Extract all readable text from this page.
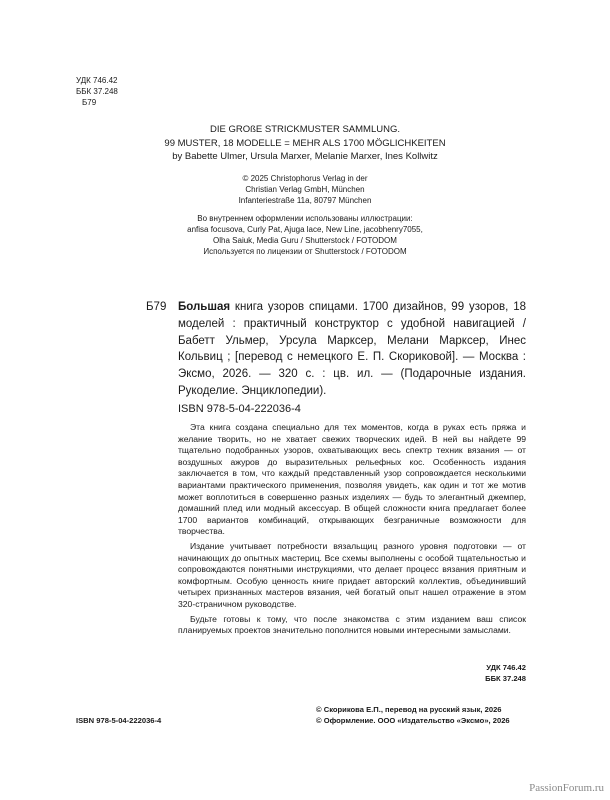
УДК 746.42
ББК 37.248
Б79
DIE GROßE STRICKMUSTER SAMMLUNG.
99 MUSTER, 18 MODELLE = MEHR ALS 1700 MÖGLICHKEITEN
by Babette Ulmer, Ursula Marxer, Melanie Marxer, Ines Kollwitz
© 2025 Christophorus Verlag in der
Christian Verlag GmbH, München
Infanteriestraße 11a, 80797 München
Во внутреннем оформлении использованы иллюстрации:
anfisa focusova, Curly Pat, Ajuga lace, New Line, jacobhenry7055,
Olha Saiuk, Media Guru / Shutterstock / FOTODOM
Используется по лицензии от Shutterstock / FOTODOM
Б79 Большая книга узоров спицами. 1700 дизайнов, 99 узоров, 18 моделей : практичный конструктор с удобной навигацией / Бабетт Ульмер, Урсула Марксер, Мелани Марксер, Инес Кольвиц ; [перевод с немецкого Е. П. Скориковой]. — Москва : Эксмо, 2026. — 320 с. : цв. ил. — (Подарочные издания. Рукоделие. Энциклопедии).
ISBN 978-5-04-222036-4

Эта книга создана специально для тех моментов, когда в руках есть пряжа и желание творить, но не хватает свежих творческих идей. В ней вы найдете 99 тщательно подобранных узоров, охватывающих весь спектр техник вязания — от воздушных ажуров до выразительных рельефных кос. Особенность издания заключается в том, что каждый представленный узор сопровождается несколькими вариантами практического применения, позволяя увидеть, как один и тот же мотив может воплотиться в совершенно разных изделиях — будь то элегантный джемпер, домашний плед или модный аксессуар. В общей сложности книга предлагает более 1700 вариантов комбинаций, открывающих безграничные возможности для творчества.

Издание учитывает потребности вязальщиц разного уровня подготовки — от начинающих до опытных мастериц. Все схемы выполнены с особой тщательностью и сопровождаются понятными инструкциями, что делает процесс вязания приятным и комфортным. Особую ценность книге придает авторский коллектив, объединивший четырех признанных мастеров вязания, чей богатый опыт нашел отражение в этом 320-страничном руководстве.

Будьте готовы к тому, что после знакомства с этим изданием ваш список планируемых проектов значительно пополнится новыми интересными замыслами.

УДК 746.42
ББК 37.248
ISBN 978-5-04-222036-4
© Скорикова Е.П., перевод на русский язык, 2026
© Оформление. ООО «Издательство «Эксмо», 2026
PassionForum.ru
